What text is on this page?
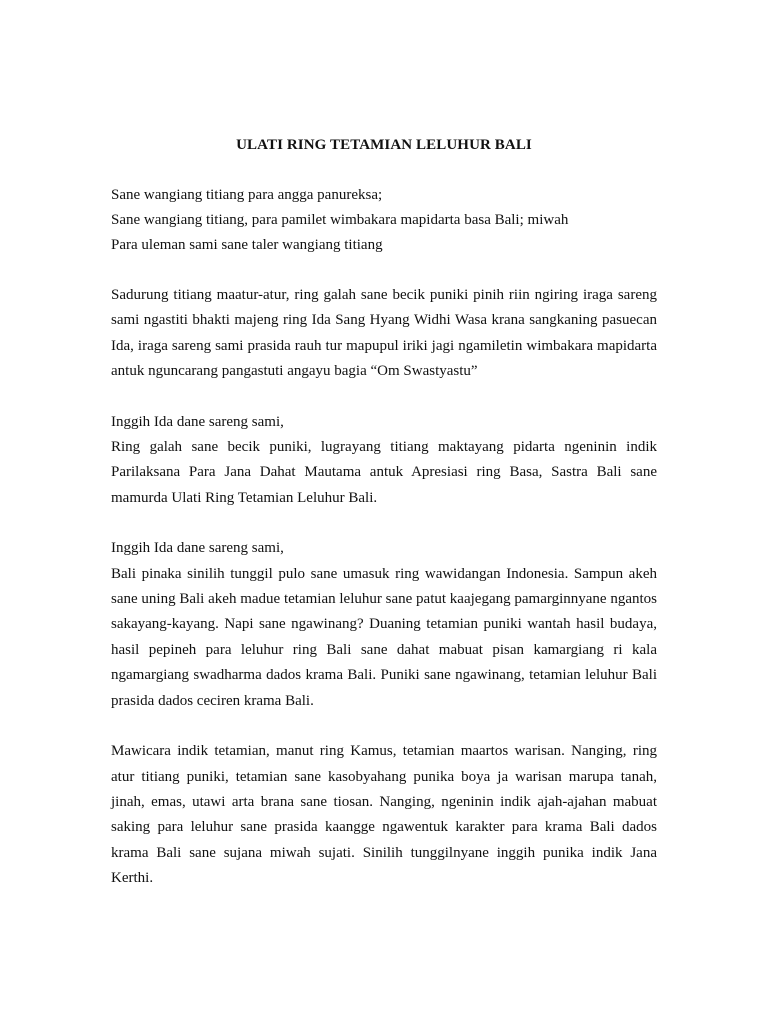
ULATI RING TETAMIAN LELUHUR BALI

Sane wangiang titiang para angga panureksa;

Sane wangiang titiang, para pamilet wimbakara mapidarta basa Bali; miwah

Para uleman sami sane taler wangiang titiang

Sadurung titiang maatur-atur, ring galah sane becik puniki pinih riin ngiring iraga sareng sami ngastiti bhakti majeng ring Ida Sang Hyang Widhi Wasa krana sangkaning pasuecan Ida, iraga sareng sami prasida rauh tur mapupul iriki jagi ngamiletin wimbakara mapidarta antuk nguncarang pangastuti angayu bagia “Om Swastyastu”

Inggih Ida dane sareng sami,
Ring galah sane becik puniki, lugrayang titiang maktayang pidarta ngeninin indik Parilaksana Para Jana Dahat Mautama antuk Apresiasi ring Basa, Sastra Bali sane mamurda Ulati Ring Tetamian Leluhur Bali.

Inggih Ida dane sareng sami,
Bali pinaka sinilih tunggil pulo sane umasuk ring wawidangan Indonesia. Sampun akeh sane uning Bali akeh madue tetamian leluhur sane patut kaajegang pamarginnyane ngantos sakayang-kayang. Napi sane ngawinang? Duaning tetamian puniki wantah hasil budaya, hasil pepineh para leluhur ring Bali sane dahat mabuat pisan kamargiang ri kala ngamargiang swadharma dados krama Bali. Puniki sane ngawinang, tetamian leluhur Bali prasida dados ceciren krama Bali.

Mawicara indik tetamian, manut ring Kamus, tetamian maartos warisan. Nanging, ring atur titiang puniki, tetamian sane kasobyahang punika boya ja warisan marupa tanah, jinah, emas, utawi arta brana sane tiosan. Nanging, ngeninin indik ajah-ajahan mabuat saking para leluhur sane prasida kaangge ngawentuk karakter para krama Bali dados krama Bali sane sujana miwah sujati. Sinilih tunggilnyane inggih punika indik Jana Kerthi.
